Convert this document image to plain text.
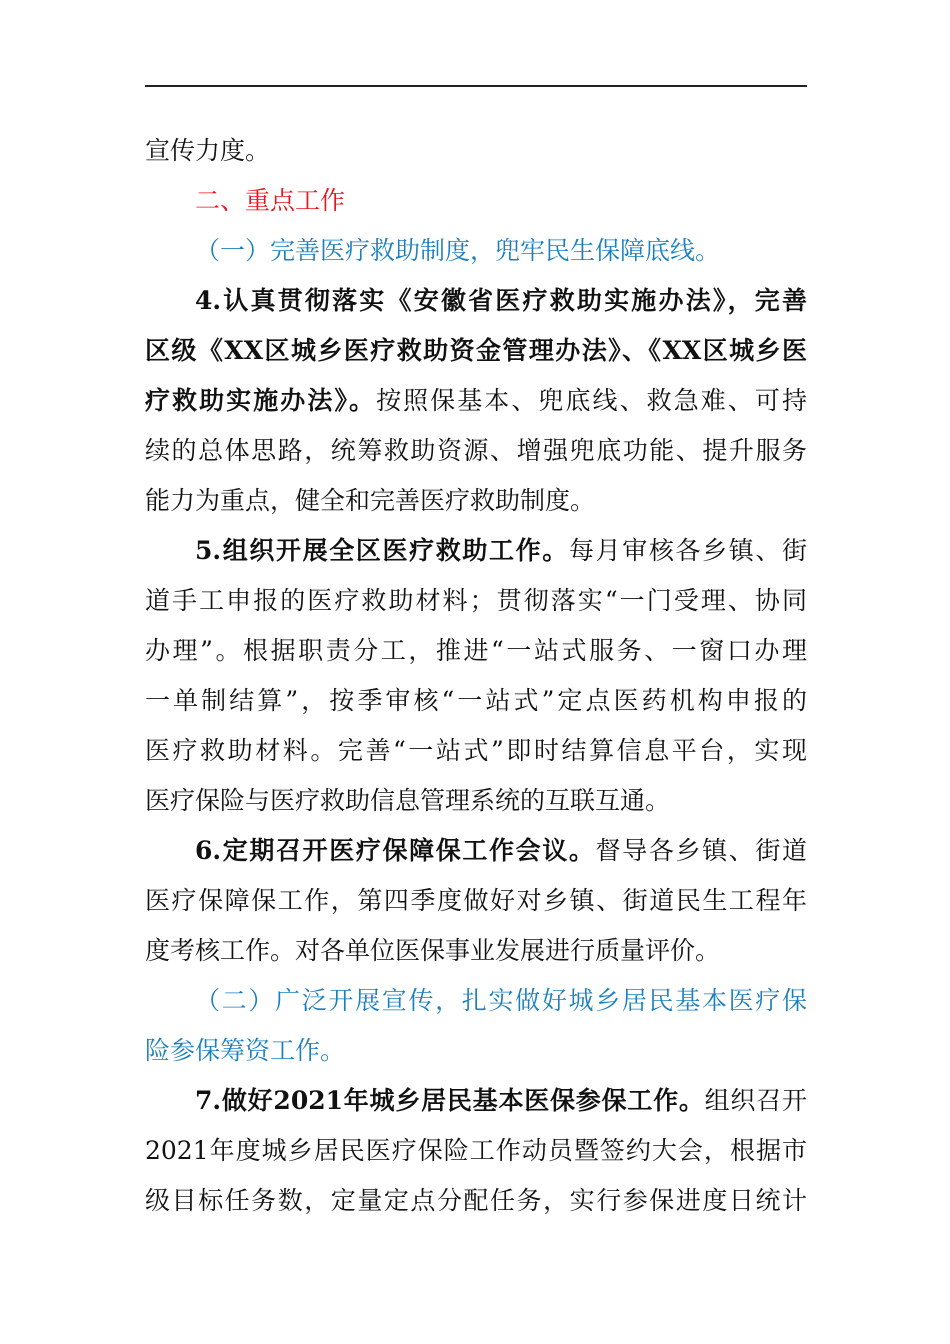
宣传力度。
二、重点工作
（一）完善医疗救助制度，兜牢民生保障底线。
4.认真贯彻落实《安徽省医疗救助实施办法》，完善
区级《XX区城乡医疗救助资金管理办法》、《XX区城乡医
疗救助实施办法》。按照保基本、兜底线、救急难、可持
续的总体思路，统筹救助资源、增强兜底功能、提升服务
能力为重点，健全和完善医疗救助制度。
5.组织开展全区医疗救助工作。每月审核各乡镇、街
道手工申报的医疗救助材料；贯彻落实“一门受理、协同
办理”。根据职责分工，推进“一站式服务、一窗口办理
一单制结算”，按季审核“一站式”定点医药机构申报的
医疗救助材料。完善“一站式”即时结算信息平台，实现
医疗保险与医疗救助信息管理系统的互联互通。
6.定期召开医疗保障保工作会议。督导各乡镇、街道
医疗保障保工作，第四季度做好对乡镇、街道民生工程年
度考核工作。对各单位医保事业发展进行质量评价。
（二）广泛开展宣传，扎实做好城乡居民基本医疗保
险参保筹资工作。
7.做好2021年城乡居民基本医保参保工作。组织召开
2021年度城乡居民医疗保险工作动员暨签约大会，根据市
级目标任务数，定量定点分配任务，实行参保进度日统计
